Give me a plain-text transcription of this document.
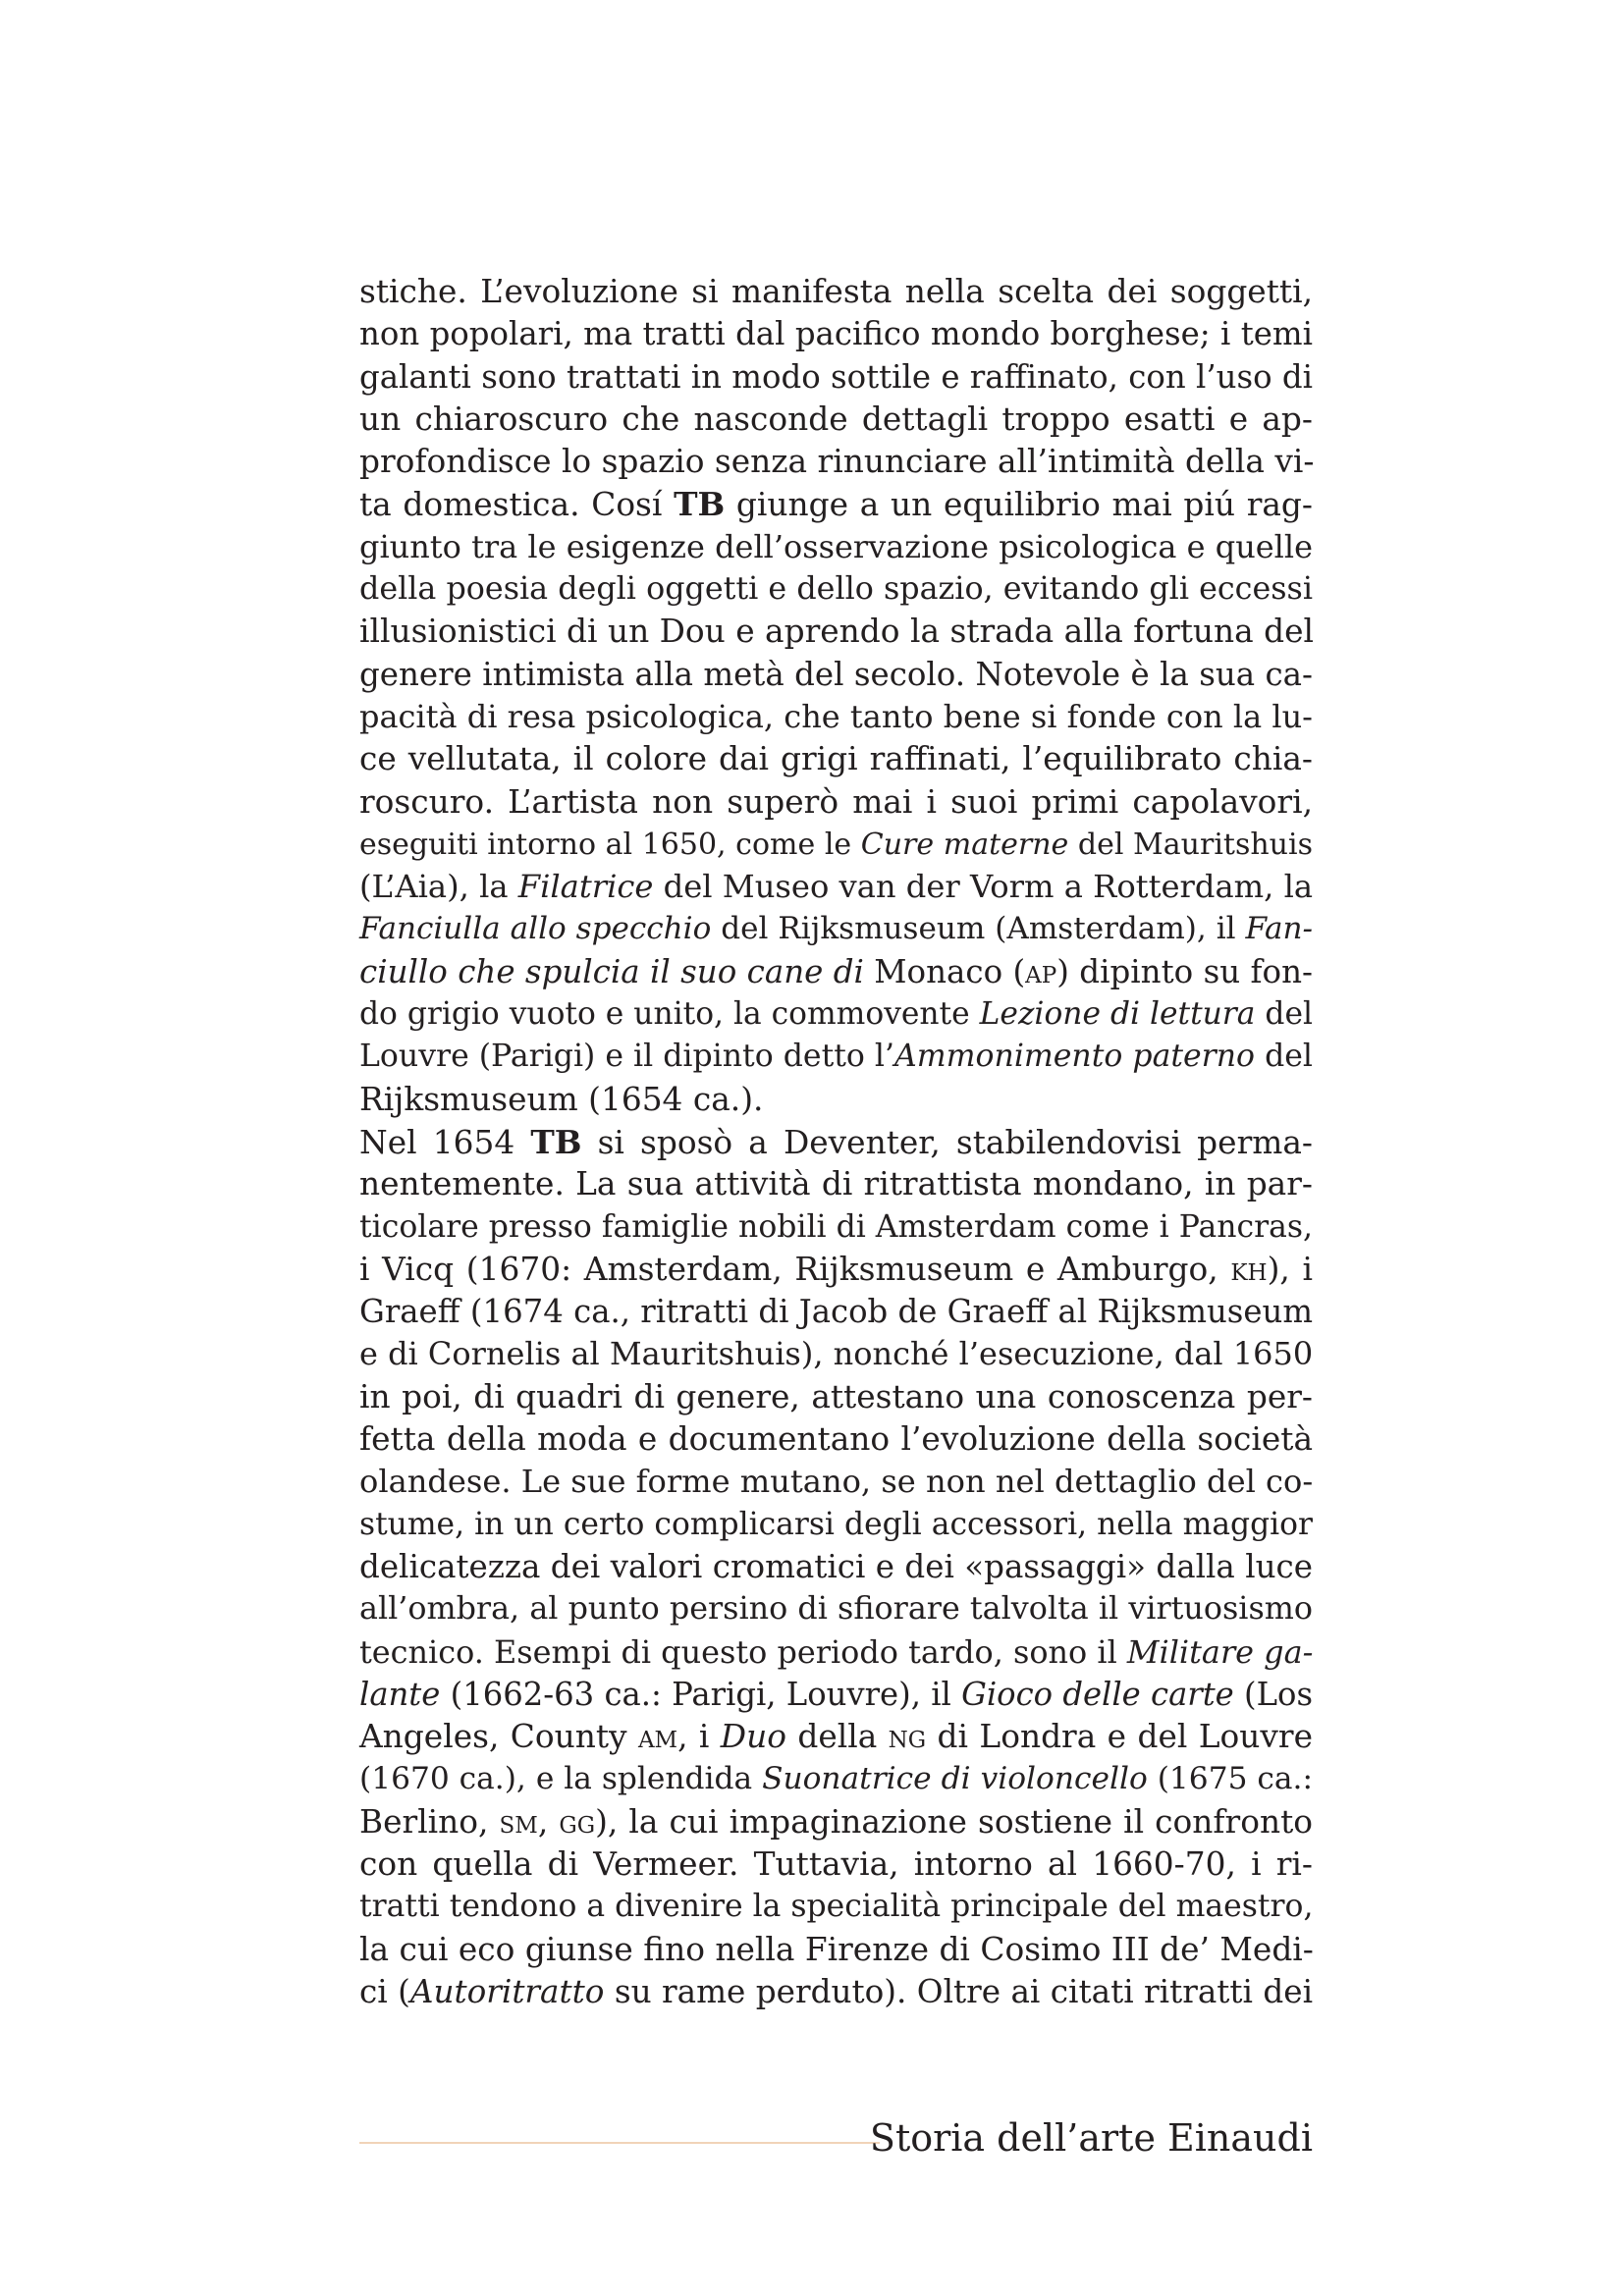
stiche. L’evoluzione si manifesta nella scelta dei soggetti,
non popolari, ma tratti dal pacifico mondo borghese; i temi
galanti sono trattati in modo sottile e raffinato, con l’uso di
un chiaroscuro che nasconde dettagli troppo esatti e ap-
profondisce lo spazio senza rinunciare all’intimità della vi-
ta domestica. Cosí TB giunge a un equilibrio mai piú rag-
giunto tra le esigenze dell’osservazione psicologica e quelle
della poesia degli oggetti e dello spazio, evitando gli eccessi
illusionistici di un Dou e aprendo la strada alla fortuna del
genere intimista alla metà del secolo. Notevole è la sua ca-
pacità di resa psicologica, che tanto bene si fonde con la lu-
ce vellutata, il colore dai grigi raffinati, l’equilibrato chia-
roscuro. L’artista non superò mai i suoi primi capolavori,
eseguiti intorno al 1650, come le Cure materne del Mauritshuis
(L’Aia), la Filatrice del Museo van der Vorm a Rotterdam, la
Fanciulla allo specchio del Rijksmuseum (Amsterdam), il Fan-
ciullo che spulcia il suo cane di Monaco (ap) dipinto su fon-
do grigio vuoto e unito, la commovente Lezione di lettura del
Louvre (Parigi) e il dipinto detto l’Ammonimento paterno del
Rijksmuseum (1654 ca.).
Nel 1654 TB si sposò a Deventer, stabilendovisi perma-
nentemente. La sua attività di ritrattista mondano, in par-
ticolare presso famiglie nobili di Amsterdam come i Pancras,
i Vicq (1670: Amsterdam, Rijksmuseum e Amburgo, kh), i
Graeff (1674 ca., ritratti di Jacob de Graeff al Rijksmuseum
e di Cornelis al Mauritshuis), nonché l’esecuzione, dal 1650
in poi, di quadri di genere, attestano una conoscenza per-
fetta della moda e documentano l’evoluzione della società
olandese. Le sue forme mutano, se non nel dettaglio del co-
stume, in un certo complicarsi degli accessori, nella maggior
delicatezza dei valori cromatici e dei «passaggi» dalla luce
all’ombra, al punto persino di sfiorare talvolta il virtuosismo
tecnico. Esempi di questo periodo tardo, sono il Militare ga-
lante (1662-63 ca.: Parigi, Louvre), il Gioco delle carte (Los
Angeles, County am, i Duo della ng di Londra e del Louvre
(1670 ca.), e la splendida Suonatrice di violoncello (1675 ca.:
Berlino, sm, gg), la cui impaginazione sostiene il confronto
con quella di Vermeer. Tuttavia, intorno al 1660-70, i ri-
tratti tendono a divenire la specialità principale del maestro,
la cui eco giunse fino nella Firenze di Cosimo III de’ Medi-
ci (Autoritratto su rame perduto). Oltre ai citati ritratti dei
Storia dell’arte Einaudi
